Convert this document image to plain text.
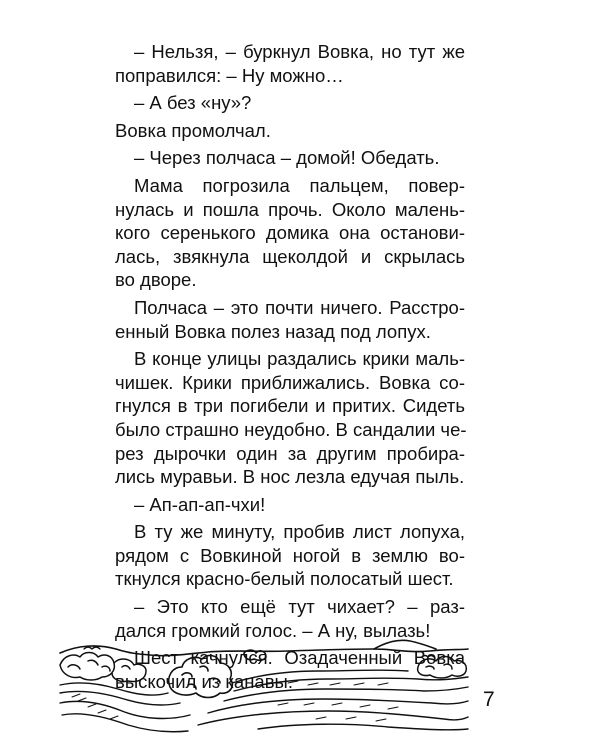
– Нельзя, – буркнул Вовка, но тут же
поправился: – Ну можно…
– А без «ну»?
Вовка промолчал.
– Через полчаса – домой! Обедать.
Мама погрозила пальцем, повер-
нулась и пошла прочь. Около малень-
кого серенького домика она останови-
лась, звякнула щеколдой и скрылась
во дворе.
Полчаса – это почти ничего. Расстро-
енный Вовка полез назад под лопух.
В конце улицы раздались крики маль-
чишек. Крики приближались. Вовка со-
гнулся в три погибели и притих. Сидеть
было страшно неудобно. В сандалии че-
рез дырочки один за другим пробира-
лись муравьи. В нос лезла едучая пыль.
– Ап-ап-ап-чхи!
В ту же минуту, пробив лист лопуха,
рядом с Вовкиной ногой в землю во-
ткнулся красно-белый полосатый шест.
– Это кто ещё тут чихает? – раз-
дался громкий голос. – А ну, вылазь!
Шест качнулся. Озадаченный Вовка
выскочил из канавы.
7
